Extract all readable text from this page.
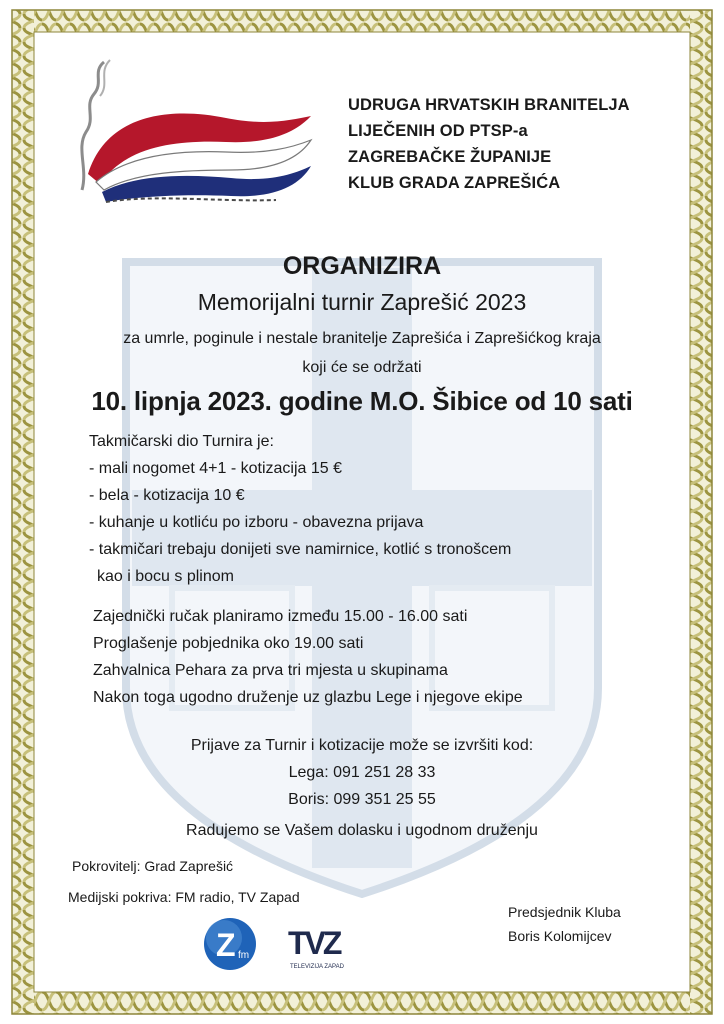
UDRUGA HRVATSKIH BRANITELJA
LIJEČENIH OD PTSP-a
ZAGREBAČKE ŽUPANIJE
KLUB GRADA ZAPREŠIĆA
ORGANIZIRA
Memorijalni turnir Zaprešić 2023
za umrle, poginule i nestale branitelje Zaprešića i Zaprešićkog kraja
koji će se održati
10. lipnja 2023. godine M.O. Šibice od 10 sati
Takmičarski dio Turnira je:
- mali nogomet 4+1 - kotizacija 15 €
- bela - kotizacija 10 €
- kuhanje u kotliću po izboru - obavezna prijava
- takmičari trebaju donijeti sve namirnice, kotlić s tronošcem
kao i bocu s plinom
Zajednički ručak planiramo između 15.00 - 16.00 sati
Proglašenje pobjednika oko 19.00 sati
Zahvalnica Pehara za prva tri mjesta u skupinama
Nakon toga ugodno druženje uz glazbu Lege i njegove ekipe
Prijave za Turnir i kotizacije može se izvršiti kod:
Lega: 091 251 28 33
Boris: 099 351 25 55
Radujemo se Vašem dolasku i ugodnom druženju
Pokrovitelj: Grad Zaprešić
Medijski pokriva: FM radio, TV Zapad
Z fm TVZ
TELEVIZIJA ZAPAD
Predsjednik Kluba
Boris Kolomijcev
